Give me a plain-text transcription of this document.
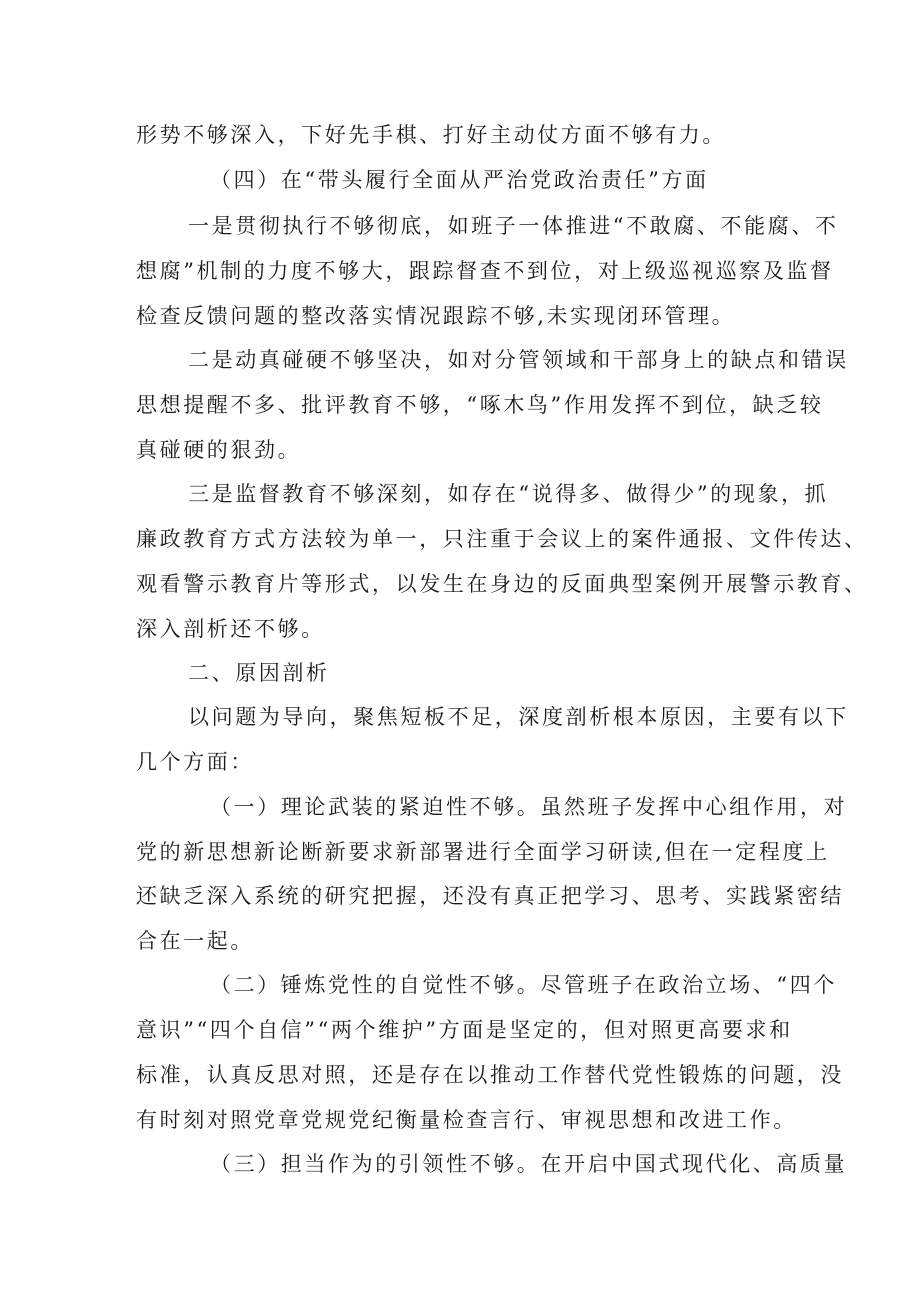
形势不够深入，下好先手棋、打好主动仗方面不够有力。

（四）在“带头履行全面从严治党政治责任”方面

一是贯彻执行不够彻底，如班子一体推进“不敢腐、不能腐、不

想腐”机制的力度不够大，跟踪督查不到位，对上级巡视巡察及监督

检查反馈问题的整改落实情况跟踪不够,未实现闭环管理。

二是动真碰硬不够坚决，如对分管领域和干部身上的缺点和错误

思想提醒不多、批评教育不够，“啄木鸟”作用发挥不到位，缺乏较

真碰硬的狠劲。

三是监督教育不够深刻，如存在“说得多、做得少”的现象，抓

廉政教育方式方法较为单一，只注重于会议上的案件通报、文件传达、

观看警示教育片等形式，以发生在身边的反面典型案例开展警示教育、

深入剖析还不够。

二、原因剖析

以问题为导向，聚焦短板不足，深度剖析根本原因，主要有以下

几个方面：

（一）理论武装的紧迫性不够。虽然班子发挥中心组作用，对

党的新思想新论断新要求新部署进行全面学习研读,但在一定程度上

还缺乏深入系统的研究把握，还没有真正把学习、思考、实践紧密结

合在一起。

（二）锤炼党性的自觉性不够。尽管班子在政治立场、“四个

意识”“四个自信”“两个维护”方面是坚定的，但对照更高要求和

标准，认真反思对照，还是存在以推动工作替代党性锻炼的问题，没

有时刻对照党章党规党纪衡量检查言行、审视思想和改进工作。

（三）担当作为的引领性不够。在开启中国式现代化、高质量
